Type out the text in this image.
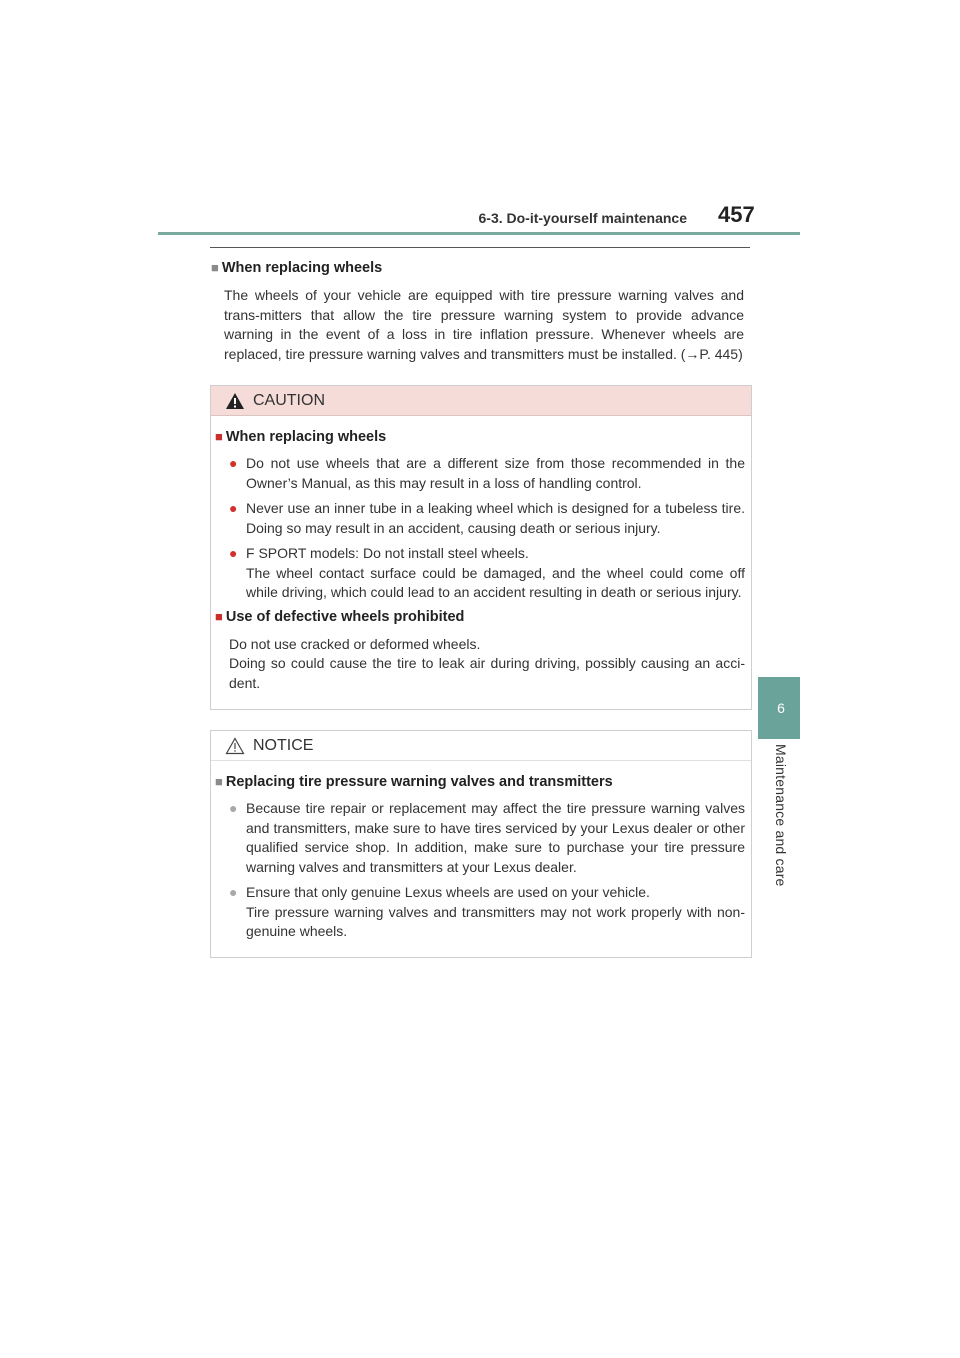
6-3. Do-it-yourself maintenance 457
6
Maintenance and care
■ When replacing wheels
The wheels of your vehicle are equipped with tire pressure warning valves and trans-mitters that allow the tire pressure warning system to provide advance warning in the event of a loss in tire inflation pressure. Whenever wheels are replaced, tire pressure warning valves and transmitters must be installed. (→P. 445)
CAUTION
■ When replacing wheels
● Do not use wheels that are a different size from those recommended in the Owner’s Manual, as this may result in a loss of handling control.
● Never use an inner tube in a leaking wheel which is designed for a tubeless tire. Doing so may result in an accident, causing death or serious injury.
● F SPORT models: Do not install steel wheels.
The wheel contact surface could be damaged, and the wheel could come off while driving, which could lead to an accident resulting in death or serious injury.
■ Use of defective wheels prohibited
Do not use cracked or deformed wheels.
Doing so could cause the tire to leak air during driving, possibly causing an acci-dent.
NOTICE
■ Replacing tire pressure warning valves and transmitters
● Because tire repair or replacement may affect the tire pressure warning valves and transmitters, make sure to have tires serviced by your Lexus dealer or other qualified service shop. In addition, make sure to purchase your tire pressure warning valves and transmitters at your Lexus dealer.
● Ensure that only genuine Lexus wheels are used on your vehicle.
Tire pressure warning valves and transmitters may not work properly with non-genuine wheels.
